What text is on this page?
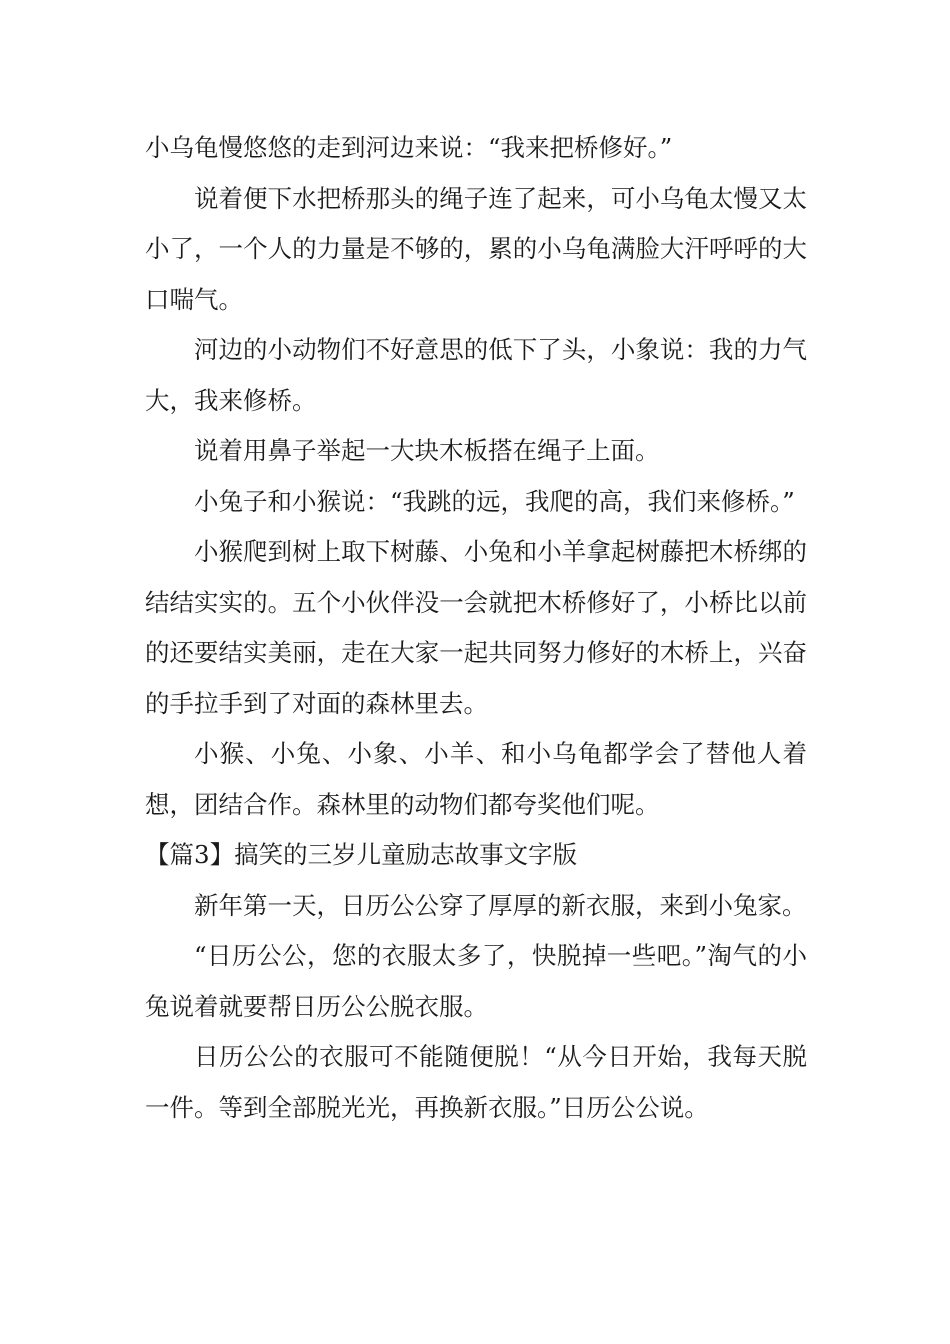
小乌龟慢悠悠的走到河边来说：“我来把桥修好。”

说着便下水把桥那头的绳子连了起来，可小乌龟太慢又太小了，一个人的力量是不够的，累的小乌龟满脸大汗呼呼的大口喘气。

河边的小动物们不好意思的低下了头，小象说：我的力气大，我来修桥。

说着用鼻子举起一大块木板搭在绳子上面。

小兔子和小猴说：“我跳的远，我爬的高，我们来修桥。”

小猴爬到树上取下树藤、小兔和小羊拿起树藤把木桥绑的结结实实的。五个小伙伴没一会就把木桥修好了，小桥比以前的还要结实美丽，走在大家一起共同努力修好的木桥上，兴奋的手拉手到了对面的森林里去。

小猴、小兔、小象、小羊、和小乌龟都学会了替他人着想，团结合作。森林里的动物们都夸奖他们呢。

【篇3】搞笑的三岁儿童励志故事文字版

新年第一天，日历公公穿了厚厚的新衣服，来到小兔家。

“日历公公，您的衣服太多了，快脱掉一些吧。”淘气的小兔说着就要帮日历公公脱衣服。

日历公公的衣服可不能随便脱！“从今日开始，我每天脱一件。等到全部脱光光，再换新衣服。”日历公公说。
